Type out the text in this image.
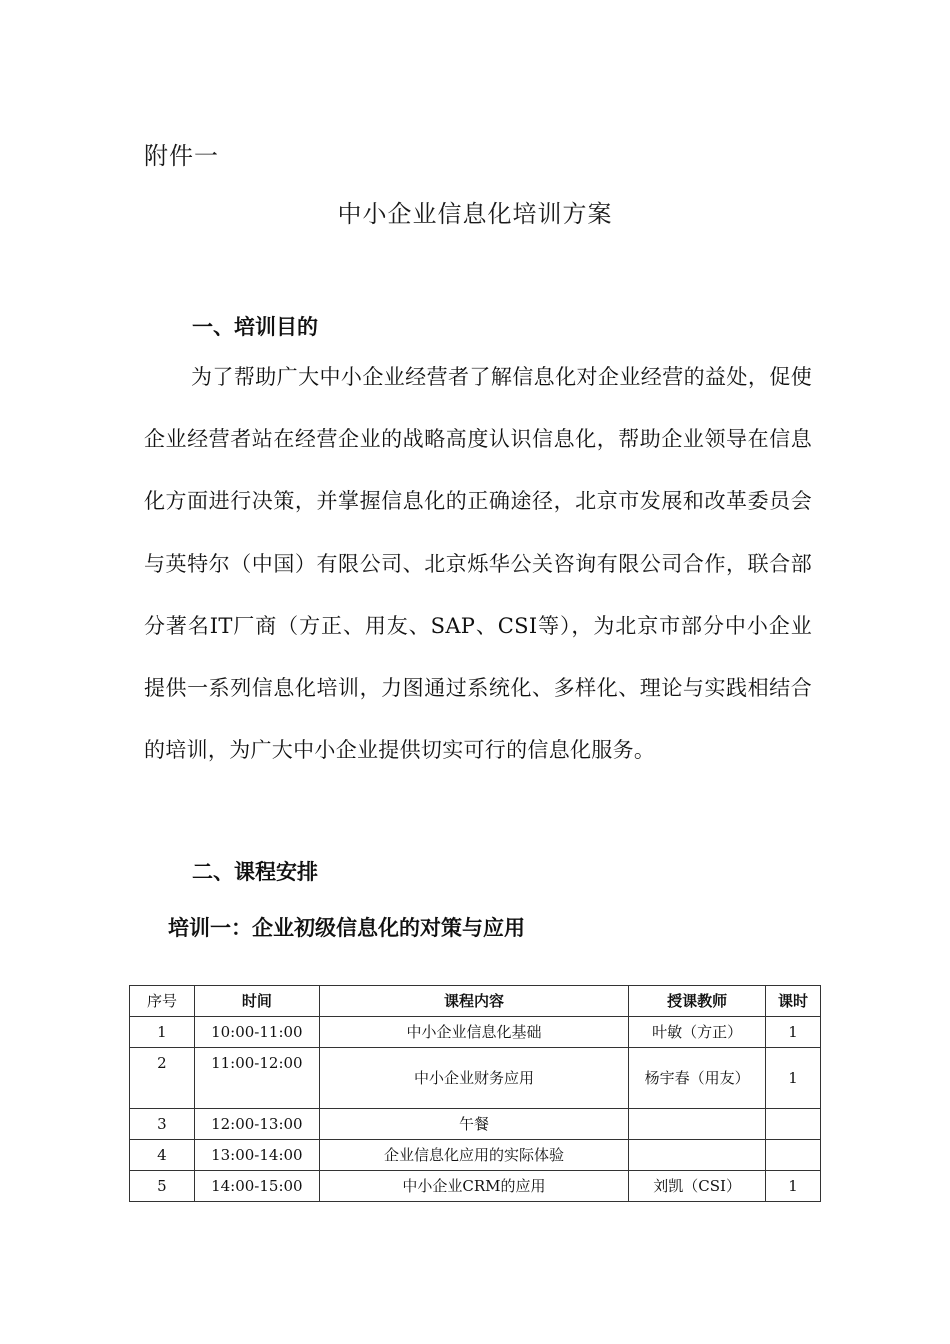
附件一
中小企业信息化培训方案
一、培训目的
为了帮助广大中小企业经营者了解信息化对企业经营的益处，促使企业经营者站在经营企业的战略高度认识信息化，帮助企业领导在信息化方面进行决策，并掌握信息化的正确途径，北京市发展和改革委员会与英特尔（中国）有限公司、北京烁华公关咨询有限公司合作，联合部分著名IT厂商（方正、用友、SAP、CSI等），为北京市部分中小企业提供一系列信息化培训，力图通过系统化、多样化、理论与实践相结合的培训，为广大中小企业提供切实可行的信息化服务。
二、课程安排
培训一：企业初级信息化的对策与应用
序号	时间	课程内容	授课教师	课时
1	10:00-11:00	中小企业信息化基础	叶敏（方正）	1
2	11:00-12:00	中小企业财务应用	杨宇春（用友）	1
3	12:00-13:00	午餐		
4	13:00-14:00	企业信息化应用的实际体验		
5	14:00-15:00	中小企业CRM的应用	刘凯（CSI）	1
